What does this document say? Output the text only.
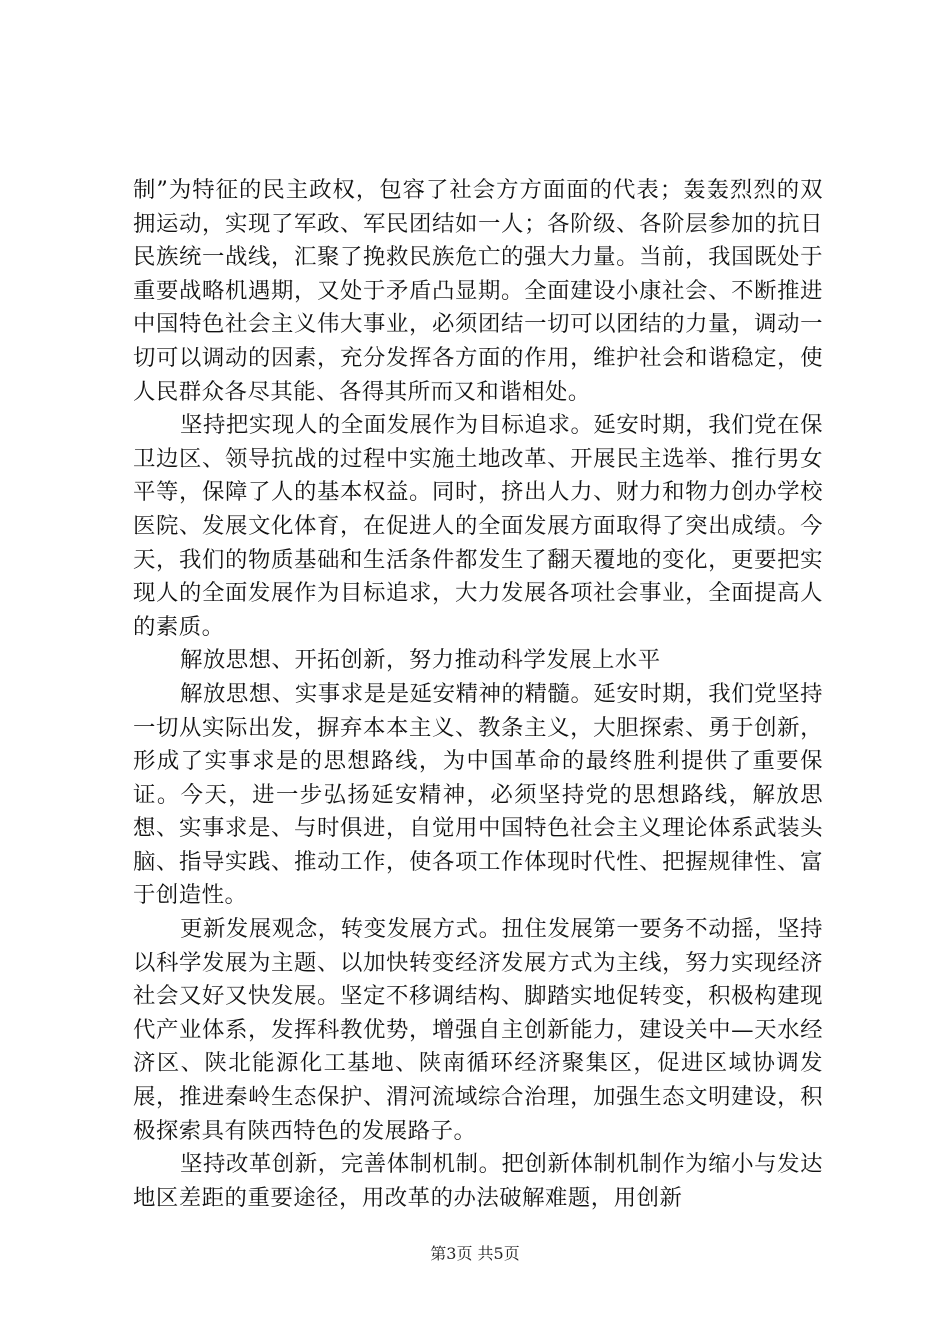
制”为特征的民主政权，包容了社会方方面面的代表；轰轰烈烈的双拥运动，实现了军政、军民团结如一人；各阶级、各阶层参加的抗日民族统一战线，汇聚了挽救民族危亡的强大力量。当前，我国既处于重要战略机遇期，又处于矛盾凸显期。全面建设小康社会、不断推进中国特色社会主义伟大事业，必须团结一切可以团结的力量，调动一切可以调动的因素，充分发挥各方面的作用，维护社会和谐稳定，使人民群众各尽其能、各得其所而又和谐相处。

坚持把实现人的全面发展作为目标追求。延安时期，我们党在保卫边区、领导抗战的过程中实施土地改革、开展民主选举、推行男女平等，保障了人的基本权益。同时，挤出人力、财力和物力创办学校医院、发展文化体育，在促进人的全面发展方面取得了突出成绩。今天，我们的物质基础和生活条件都发生了翻天覆地的变化，更要把实现人的全面发展作为目标追求，大力发展各项社会事业，全面提高人的素质。

解放思想、开拓创新，努力推动科学发展上水平

解放思想、实事求是是延安精神的精髓。延安时期，我们党坚持一切从实际出发，摒弃本本主义、教条主义，大胆探索、勇于创新，形成了实事求是的思想路线，为中国革命的最终胜利提供了重要保证。今天，进一步弘扬延安精神，必须坚持党的思想路线，解放思想、实事求是、与时俱进，自觉用中国特色社会主义理论体系武装头脑、指导实践、推动工作，使各项工作体现时代性、把握规律性、富于创造性。

更新发展观念，转变发展方式。扭住发展第一要务不动摇，坚持以科学发展为主题、以加快转变经济发展方式为主线，努力实现经济社会又好又快发展。坚定不移调结构、脚踏实地促转变，积极构建现代产业体系，发挥科教优势，增强自主创新能力，建设关中—天水经济区、陕北能源化工基地、陕南循环经济聚集区，促进区域协调发展，推进秦岭生态保护、渭河流域综合治理，加强生态文明建设，积极探索具有陕西特色的发展路子。

坚持改革创新，完善体制机制。把创新体制机制作为缩小与发达地区差距的重要途径，用改革的办法破解难题，用创新

第3页 共5页
